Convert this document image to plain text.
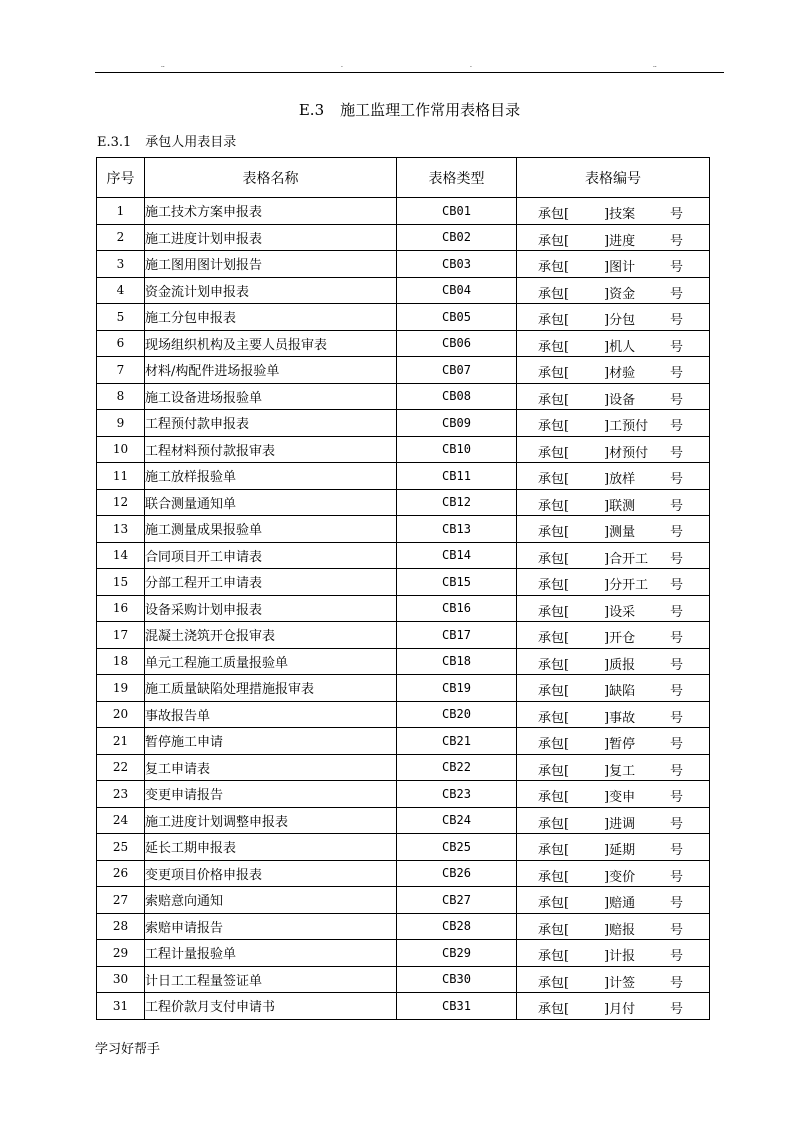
..	.	.	..
E.3 施工监理工作常用表格目录
E.3.1 承包人用表目录
序号	表格名称	表格类型	表格编号
1	施工技术方案申报表	CB01	承包[ ]技案 号

2	施工进度计划申报表	CB02	承包[ ]进度 号

3	施工图用图计划报告	CB03	承包[ ]图计 号

4	资金流计划申报表	CB04	承包[ ]资金 号

5	施工分包申报表	CB05	承包[ ]分包 号

6	现场组织机构及主要人员报审表	CB06	承包[ ]机人 号

7	材料/构配件进场报验单	CB07	承包[ ]材验 号

8	施工设备进场报验单	CB08	承包[ ]设备 号

9	工程预付款申报表	CB09	承包[ ]工预付 号

10	工程材料预付款报审表	CB10	承包[ ]材预付 号

11	施工放样报验单	CB11	承包[ ]放样 号

12	联合测量通知单	CB12	承包[ ]联测 号

13	施工测量成果报验单	CB13	承包[ ]测量 号

14	合同项目开工申请表	CB14	承包[ ]合开工 号

15	分部工程开工申请表	CB15	承包[ ]分开工 号

16	设备采购计划申报表	CB16	承包[ ]设采 号

17	混凝土浇筑开仓报审表	CB17	承包[ ]开仓 号

18	单元工程施工质量报验单	CB18	承包[ ]质报 号

19	施工质量缺陷处理措施报审表	CB19	承包[ ]缺陷 号

20	事故报告单	CB20	承包[ ]事故 号

21	暂停施工申请	CB21	承包[ ]暂停 号

22	复工申请表	CB22	承包[ ]复工 号

23	变更申请报告	CB23	承包[ ]变申 号

24	施工进度计划调整申报表	CB24	承包[ ]进调 号

25	延长工期申报表	CB25	承包[ ]延期 号

26	变更项目价格申报表	CB26	承包[ ]变价 号

27	索赔意向通知	CB27	承包[ ]赔通 号

28	索赔申请报告	CB28	承包[ ]赔报 号

29	工程计量报验单	CB29	承包[ ]计报 号

30	计日工工程量签证单	CB30	承包[ ]计签 号

31	工程价款月支付申请书	CB31	承包[ ]月付 号
学习好帮手
